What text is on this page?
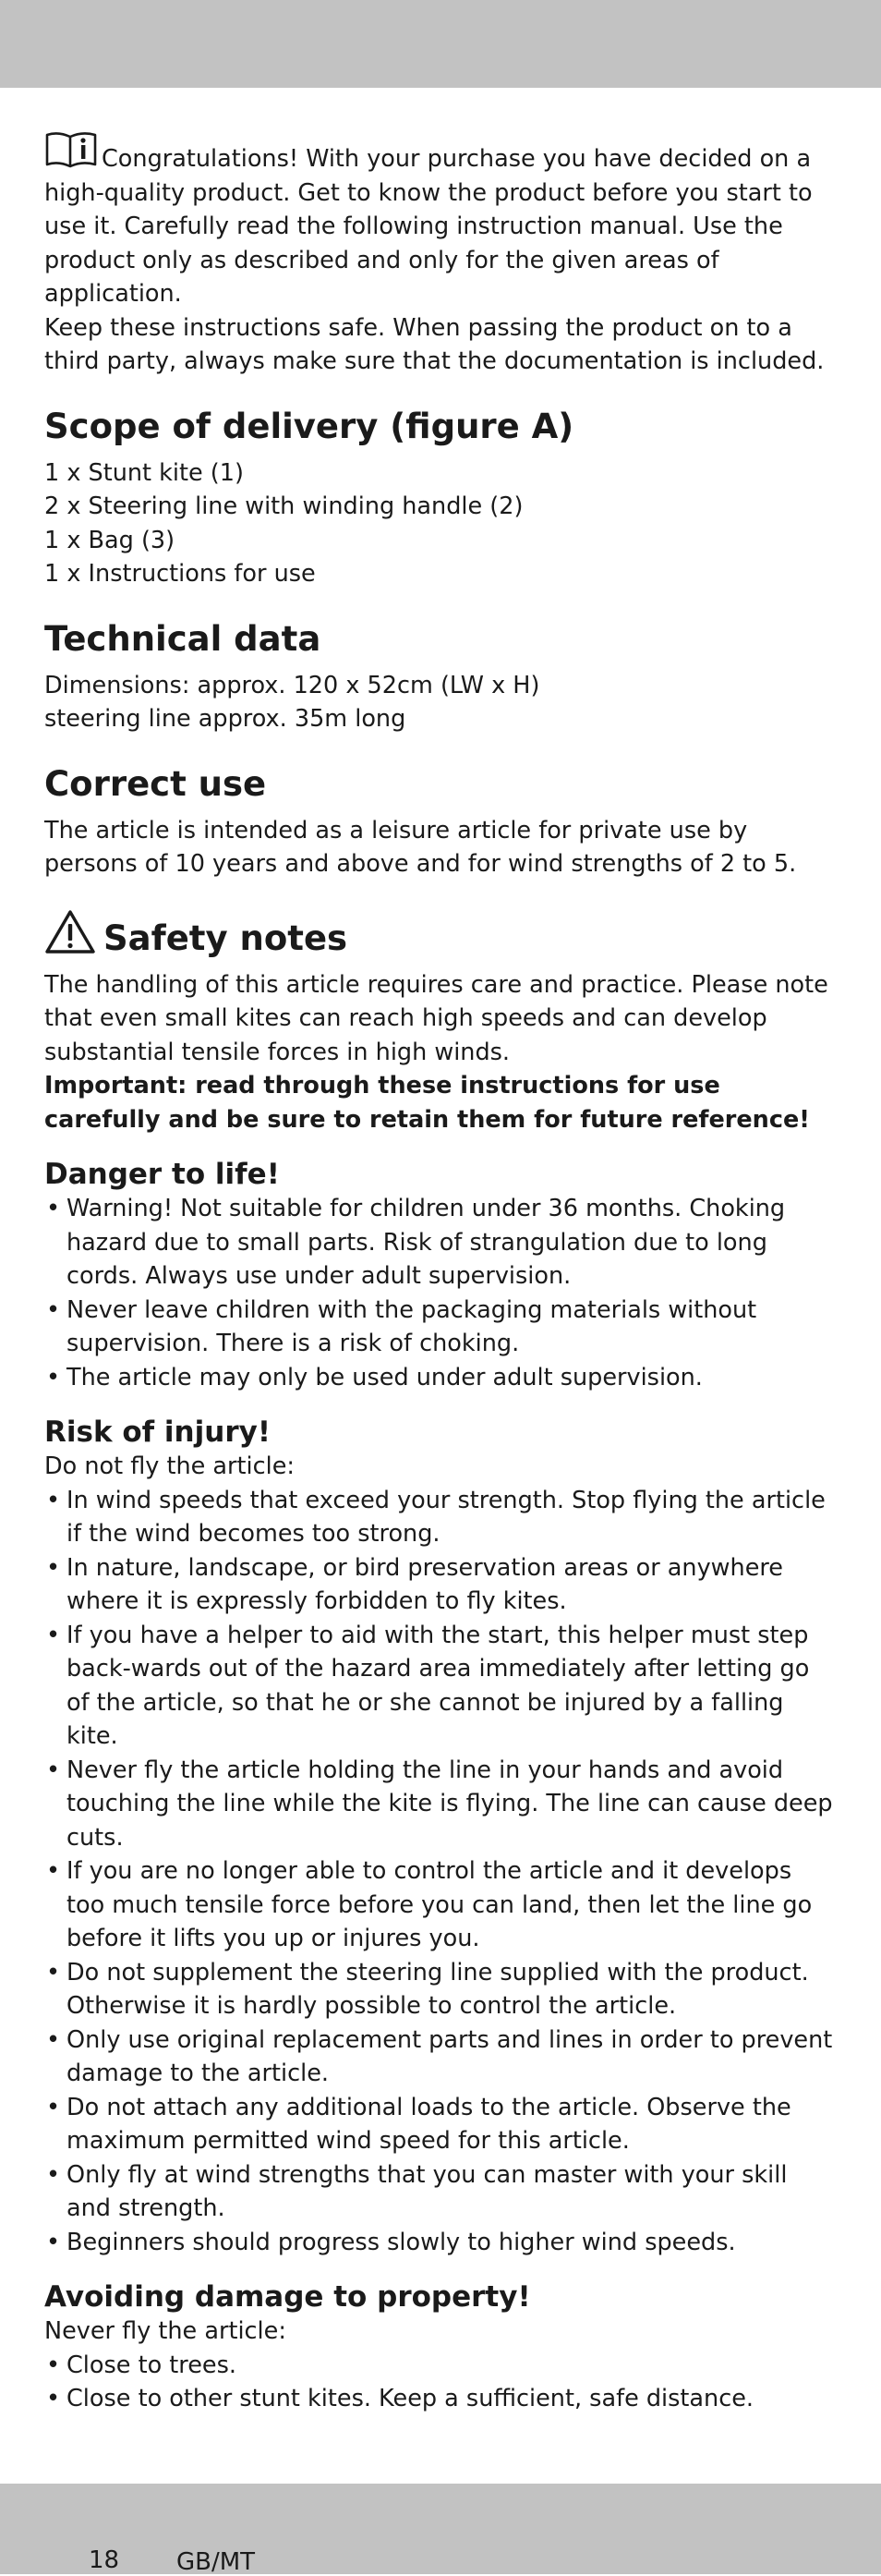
Congratulations! With your purchase you have decided on a high-quality product. Get to know the product before you start to use it. Carefully read the following instruction manual. Use the product only as described and only for the given areas of application.

Keep these instructions safe. When passing the product on to a third party, always make sure that the documentation is included.

Scope of delivery (figure A)

1 x Stunt kite (1)

2 x Steering line with winding handle (2)

1 x Bag (3)

1 x Instructions for use

Technical data

Dimensions: approx. 120 x 52cm (LW x H)

steering line approx. 35m long

Correct use

The article is intended as a leisure article for private use by persons of 10 years and above and for wind strengths of 2 to 5.

Safety notes

The handling of this article requires care and practice. Please note that even small kites can reach high speeds and can develop substantial tensile forces in high winds.

Important: read through these instructions for use carefully and be sure to retain them for future reference!

Danger to life!
• Warning! Not suitable for children under 36 months. Choking hazard due to small parts. Risk of strangulation due to long cords. Always use under adult supervision.
• Never leave children with the packaging materials without supervision. There is a risk of choking.
• The article may only be used under adult supervision.
Risk of injury!

Do not fly the article:

• In wind speeds that exceed your strength. Stop flying the article if the wind becomes too strong.
• In nature, landscape, or bird preservation areas or anywhere where it is expressly forbidden to fly kites.
• If you have a helper to aid with the start, this helper must step back-wards out of the hazard area immediately after letting go of the article, so that he or she cannot be injured by a falling kite.
• Never fly the article holding the line in your hands and avoid touching the line while the kite is flying. The line can cause deep cuts.
• If you are no longer able to control the article and it develops too much tensile force before you can land, then let the line go before it lifts you up or injures you.
• Do not supplement the steering line supplied with the product. Otherwise it is hardly possible to control the article.
• Only use original replacement parts and lines in order to prevent damage to the article.
• Do not attach any additional loads to the article. Observe the maximum permitted wind speed for this article.
• Only fly at wind strengths that you can master with your skill and strength.
• Beginners should progress slowly to higher wind speeds.
Avoiding damage to property!

Never fly the article:

• Close to trees.
• Close to other stunt kites. Keep a sufficient, safe distance.
18 GB/MT
